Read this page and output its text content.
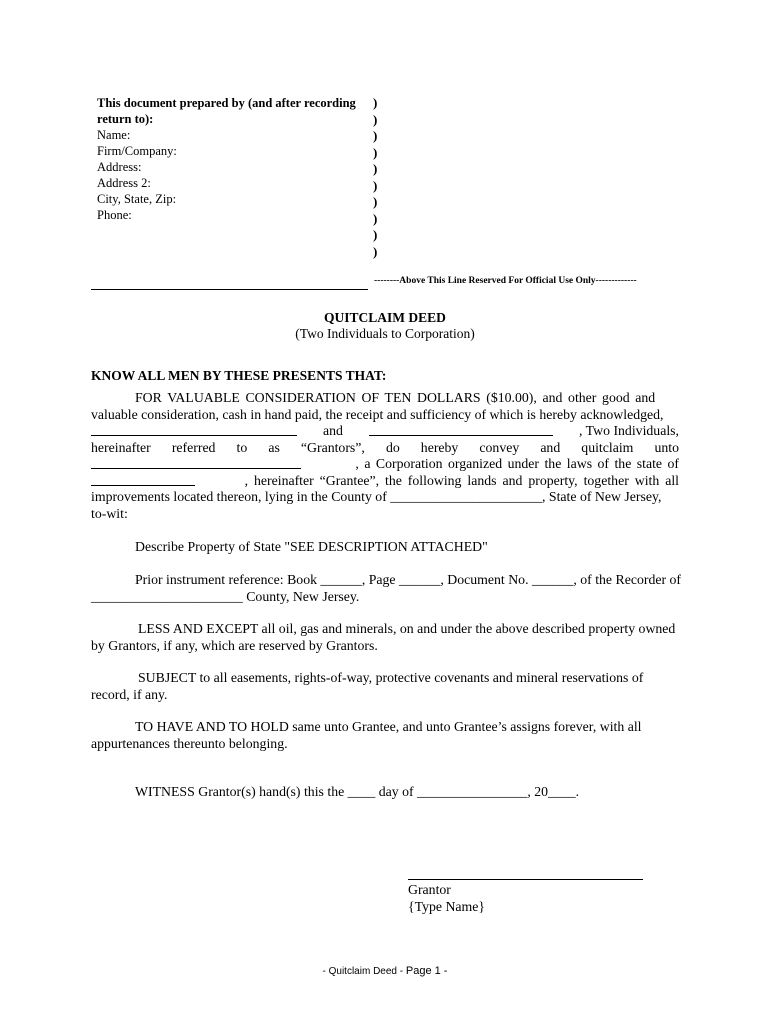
This document prepared by (and after recording
return to):
Name:
Firm/Company:
Address:
Address 2:
City, State, Zip:
Phone:
)
)
)
)
)
)
)
)
)
)
--------Above This Line Reserved For Official Use Only-------------
QUITCLAIM DEED
(Two Individuals to Corporation)
KNOW ALL MEN BY THESE PRESENTS THAT:
FOR VALUABLE CONSIDERATION OF TEN DOLLARS ($10.00), and other good and
valuable consideration, cash in hand paid, the receipt and sufficiency of which is hereby acknowledged,
and	, Two Individuals,
hereinafter referred to as “Grantors”, do hereby convey and quitclaim unto
, a Corporation organized under the laws of the state of
, hereinafter “Grantee”, the following lands and property, together with all
improvements located thereon, lying in the County of ______________________, State of New Jersey,
to-wit:
Describe Property of State "SEE DESCRIPTION ATTACHED"
Prior instrument reference: Book ______, Page ______, Document No. ______, of the Recorder of
______________________ County, New Jersey.
LESS AND EXCEPT all oil, gas and minerals, on and under the above described property owned
by Grantors, if any, which are reserved by Grantors.
SUBJECT to all easements, rights-of-way, protective covenants and mineral reservations of
record, if any.
TO HAVE AND TO HOLD same unto Grantee, and unto Grantee’s assigns forever, with all
appurtenances thereunto belonging.
WITNESS Grantor(s) hand(s) this the ____ day of ________________, 20____.
Grantor
{Type Name}
- Quitclaim Deed - Page 1 -
